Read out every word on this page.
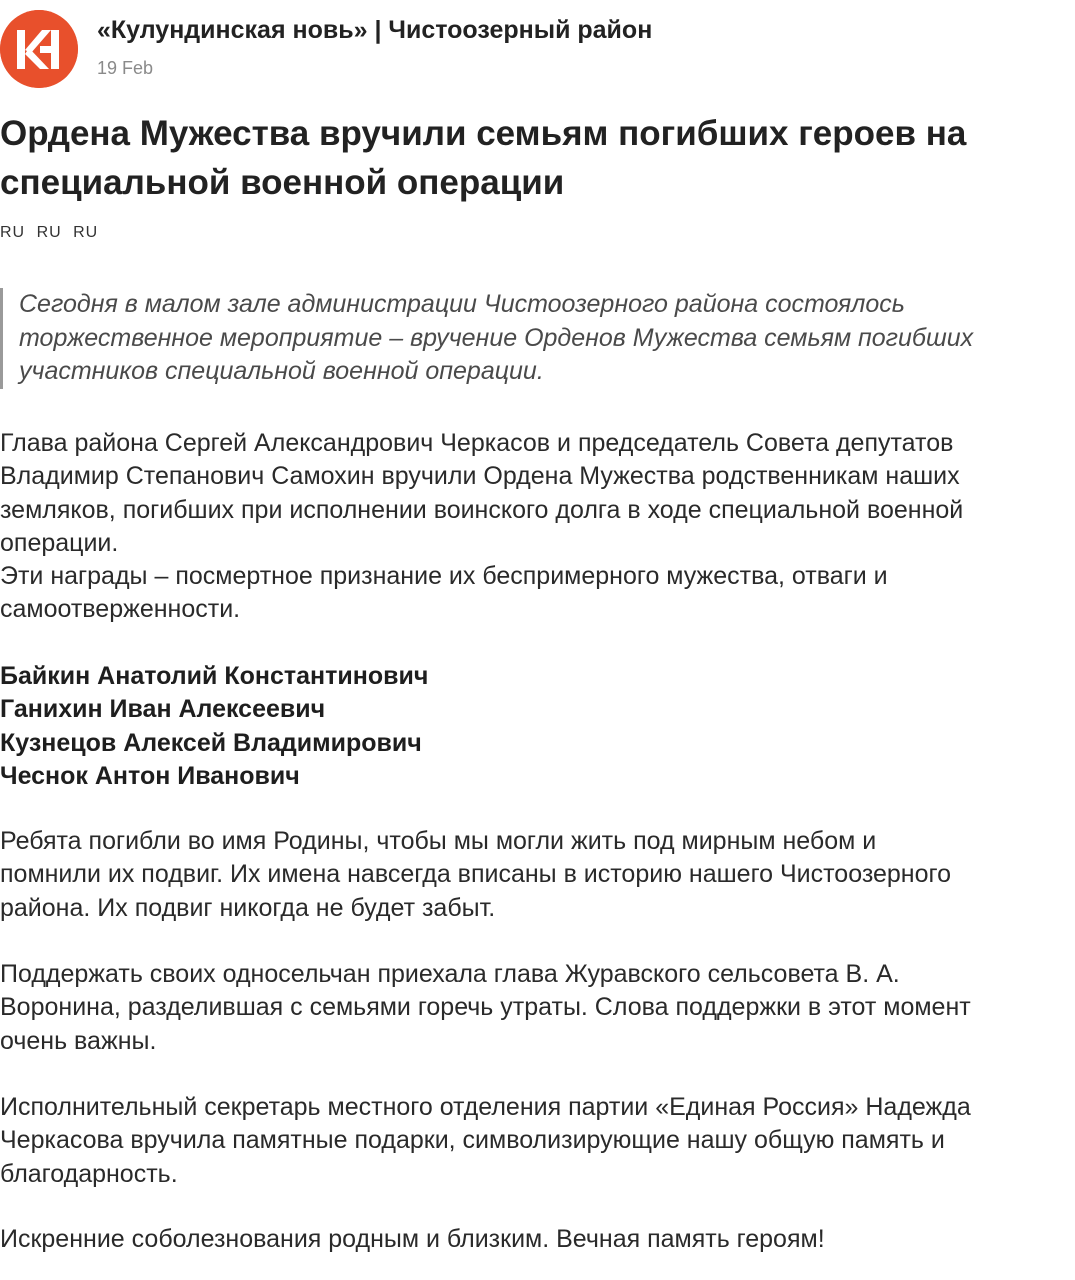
«Кулундинская новь» | Чистоозерный район
19 Feb
Ордена Мужества вручили семьям погибших героев на
специальной военной операции
RU RU RU
Сегодня в малом зале администрации Чистоозерного района состоялось
торжественное мероприятие – вручение Орденов Мужества семьям погибших
участников специальной военной операции.

Глава района Сергей Александрович Черкасов и председатель Совета депутатов
Владимир Степанович Самохин вручили Ордена Мужества родственникам наших
земляков, погибших при исполнении воинского долга в ходе специальной военной
операции.
Эти награды – посмертное признание их беспримерного мужества, отваги и
самоотверженности.

Байкин Анатолий Константинович
Ганихин Иван Алексеевич
Кузнецов Алексей Владимирович
Чеснок Антон Иванович

Ребята погибли во имя Родины, чтобы мы могли жить под мирным небом и
помнили их подвиг. Их имена навсегда вписаны в историю нашего Чистоозерного
района. Их подвиг никогда не будет забыт.

Поддержать своих односельчан приехала глава Журавского сельсовета В. А.
Воронина, разделившая с семьями горечь утраты. Слова поддержки в этот момент
очень важны.

Исполнительный секретарь местного отделения партии «Единая Россия» Надежда
Черкасова вручила памятные подарки, символизирующие нашу общую память и
благодарность.

Искренние соболезнования родным и близким. Вечная память героям!
